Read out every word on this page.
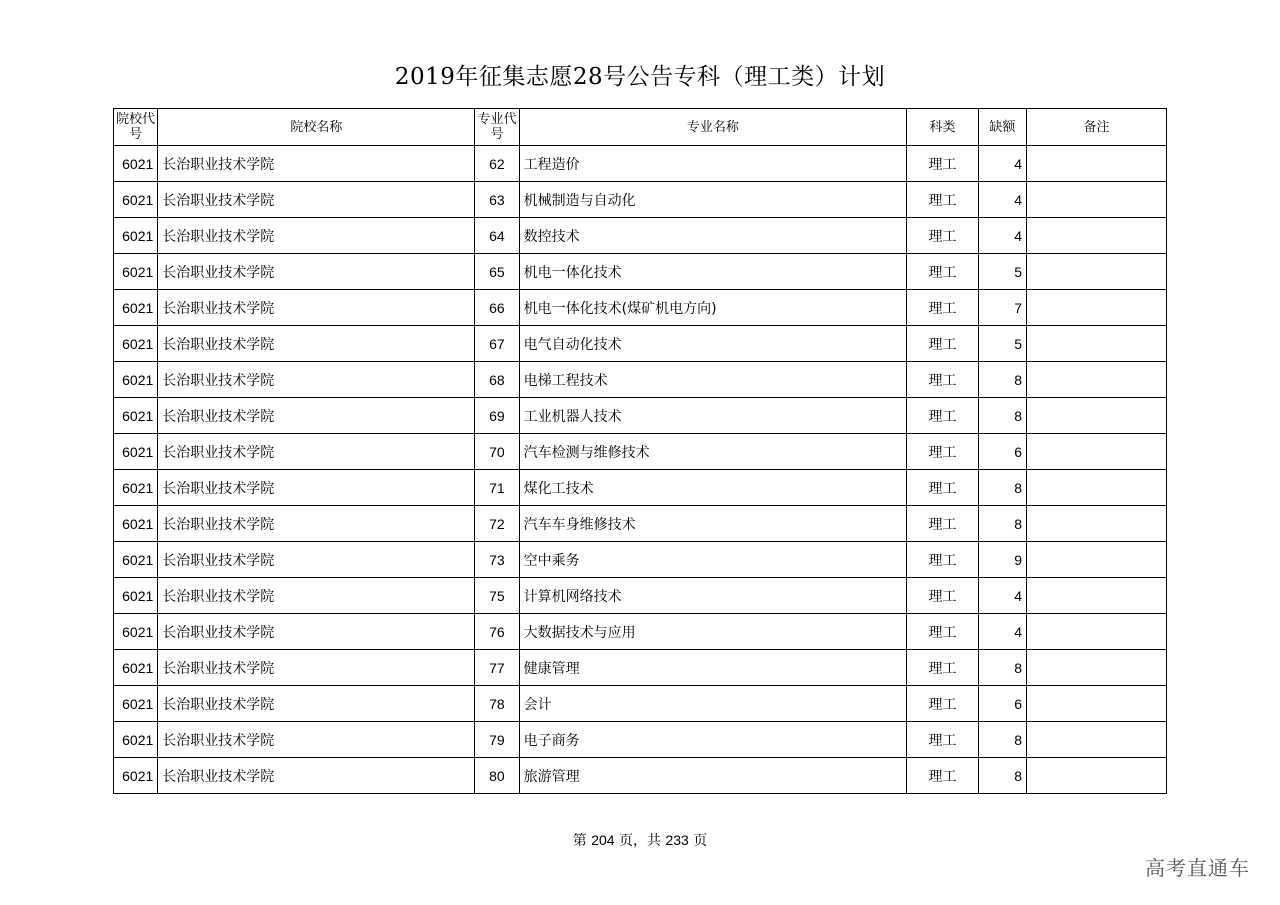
2019年征集志愿28号公告专科（理工类）计划
院校代号	院校名称	专业代号	专业名称	科类	缺额	备注
6021	长治职业技术学院	62	工程造价	理工	4	
6021	长治职业技术学院	63	机械制造与自动化	理工	4	
6021	长治职业技术学院	64	数控技术	理工	4	
6021	长治职业技术学院	65	机电一体化技术	理工	5	
6021	长治职业技术学院	66	机电一体化技术(煤矿机电方向)	理工	7	
6021	长治职业技术学院	67	电气自动化技术	理工	5	
6021	长治职业技术学院	68	电梯工程技术	理工	8	
6021	长治职业技术学院	69	工业机器人技术	理工	8	
6021	长治职业技术学院	70	汽车检测与维修技术	理工	6	
6021	长治职业技术学院	71	煤化工技术	理工	8	
6021	长治职业技术学院	72	汽车车身维修技术	理工	8	
6021	长治职业技术学院	73	空中乘务	理工	9	
6021	长治职业技术学院	75	计算机网络技术	理工	4	
6021	长治职业技术学院	76	大数据技术与应用	理工	4	
6021	长治职业技术学院	77	健康管理	理工	8	
6021	长治职业技术学院	78	会计	理工	6	
6021	长治职业技术学院	79	电子商务	理工	8	
6021	长治职业技术学院	80	旅游管理	理工	8	
第 204 页，共 233 页
高考直通车
